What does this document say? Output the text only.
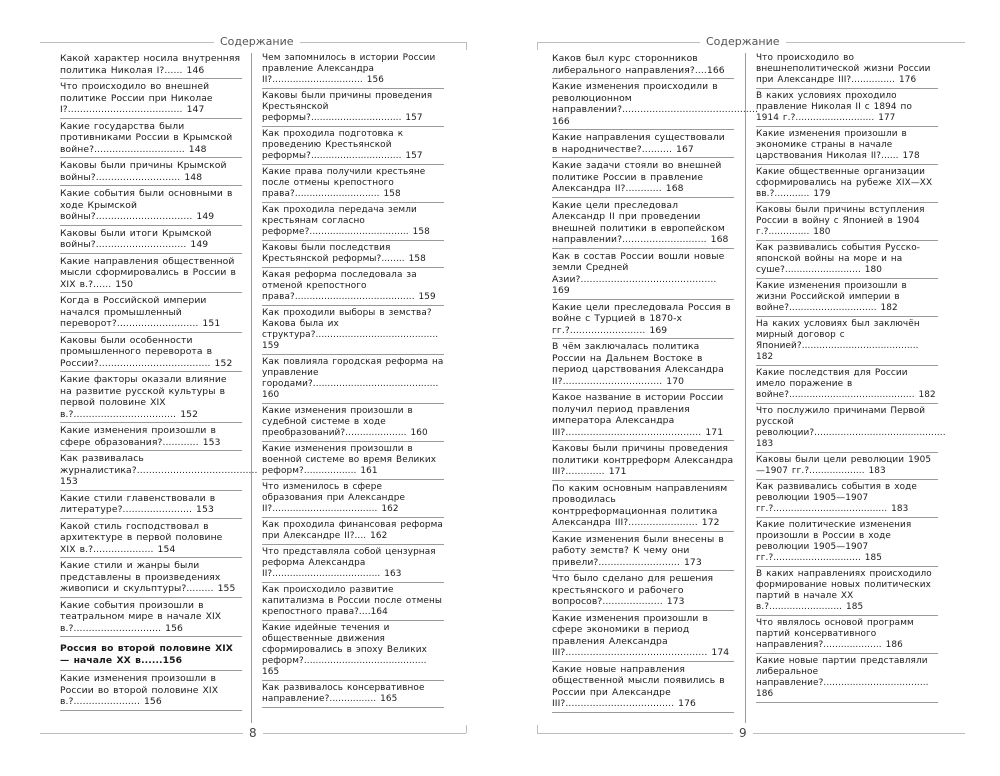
Содержание
Какой характер носила внутренняя политика Николая I?...... 146
Что происходило во внешней политике России при Николае I?...................................... 147
Какие государства были противниками России в Крымской войне?.............................. 148
Каковы были причины Крымской войны?............................ 148
Какие события были основными в ходе Крымской войны?................................ 149
Каковы были итоги Крымской войны?.............................. 149
Какие направления общественной мысли сформировались в России в XIX в.?...... 150
Когда в Российской империи начался промышленный переворот?........................... 151
Каковы были особенности промышленного переворота в России?..................................... 152
Какие факторы оказали влияние на развитие русской культуры в первой половине XIX в.?.................................. 152
Какие изменения произошли в сфере образования?............ 153
Как развивалась журналистика?........................................ 153
Какие стили главенствовали в литературе?....................... 153
Какой стиль господствовал в архитектуре в первой половине XIX в.?.................... 154
Какие стили и жанры были представлены в произведениях живописи и скульптуры?......... 155
Какие события произошли в театральном мире в начале XIX в.?............................. 156
Россия во второй половине XIX — начале XX в......156
Какие изменения произошли в России во второй половине XIX в.?...................... 156
Чем запомнилось в истории России правление Александра II?............................... 156
Каковы были причины проведения Крестьянской реформы?............................... 157
Как проходила подготовка к проведению Крестьянской реформы?............................... 157
Какие права получили крестьяне после отмены крепостного права?............................. 158
Как проходила передача земли крестьянам согласно реформе?.................................. 158
Каковы были последствия Крестьянской реформы?........ 158
Какая реформа последовала за отменой крепостного права?......................................... 159
Как проходили выборы в земства? Какова была их структура?.......................................... 159
Как повлияла городская реформа на управление городами?........................................... 160
Какие изменения произошли в судебной системе в ходе преобразований?..................... 160
Какие изменения произошли в военной системе во время Великих реформ?.................. 161
Что изменилось в сфере образования при Александре II?.................................... 162
Как проходила финансовая реформа при Александре II?.... 162
Что представляла собой цензурная реформа Александра II?..................................... 163
Как происходило развитие капитализма в России после отмены крепостного права?....164
Какие идейные течения и общественные движения сформировались в эпоху Великих реформ?.......................................... 165
Как развивалось консервативное направление?................ 165
8
Содержание
Каков был курс сторонников либерального направления?....166
Какие изменения происходили в революционном направлении?............................................. 166
Какие направления существовали в народничестве?.......... 167
Какие задачи стояли во внешней политике России в правление Александра II?............ 168
Какие цели преследовал Александр II при проведении внешней политики в европейском направлении?............................ 168
Как в состав России вошли новые земли Средней Азии?............................................. 169
Какие цели преследовала Россия в войне с Турцией в 1870-х гг.?......................... 169
В чём заключалась политика России на Дальнем Востоке в период царствования Александра II?................................. 170
Какое название в истории России получил период правления императора Александра III?............................................. 171
Каковы были причины проведения политики контрреформ Александра III?............. 171
По каким основным направлениям проводилась контрреформационная политика Александра III?....................... 172
Какие изменения были внесены в работу земств? К чему они привели?........................... 173
Что было сделано для решения крестьянского и рабочего вопросов?.................... 173
Какие изменения произошли в сфере экономики в период правления Александра III?............................................... 174
Какие новые направления общественной мысли появились в России при Александре III?.................................... 176
Что происходило во внешнеполитической жизни России при Александре III?............... 176
В каких условиях проходило правление Николая II с 1894 по 1914 г.?........................... 177
Какие изменения произошли в экономике страны в начале царствования Николая II?...... 178
Какие общественные организации сформировались на рубеже XIX—XX вв.?............ 179
Каковы были причины вступления России в войну с Японией в 1904 г.?.............. 180
Как развивались события Русско-японской войны на море и на суше?.......................... 180
Какие изменения произошли в жизни Российской империи в войне?.............................. 182
На каких условиях был заключён мирный договор с Японией?........................................ 182
Какие последствия для России имело поражение в войне?........................................... 182
Что послужило причинами Первой русской революции?............................................. 183
Каковы были цели революции 1905—1907 гг.?................... 183
Как развивались события в ходе революции 1905—1907 гг.?....................................... 183
Какие политические изменения произошли в России в ходе революции 1905—1907 гг.?.............................. 185
В каких направлениях происходило формирование новых политических партий в начале XX в.?......................... 185
Что являлось основой программ партий консервативного направления?.................... 186
Какие новые партии представляли либеральное направление?.................................... 186
9
